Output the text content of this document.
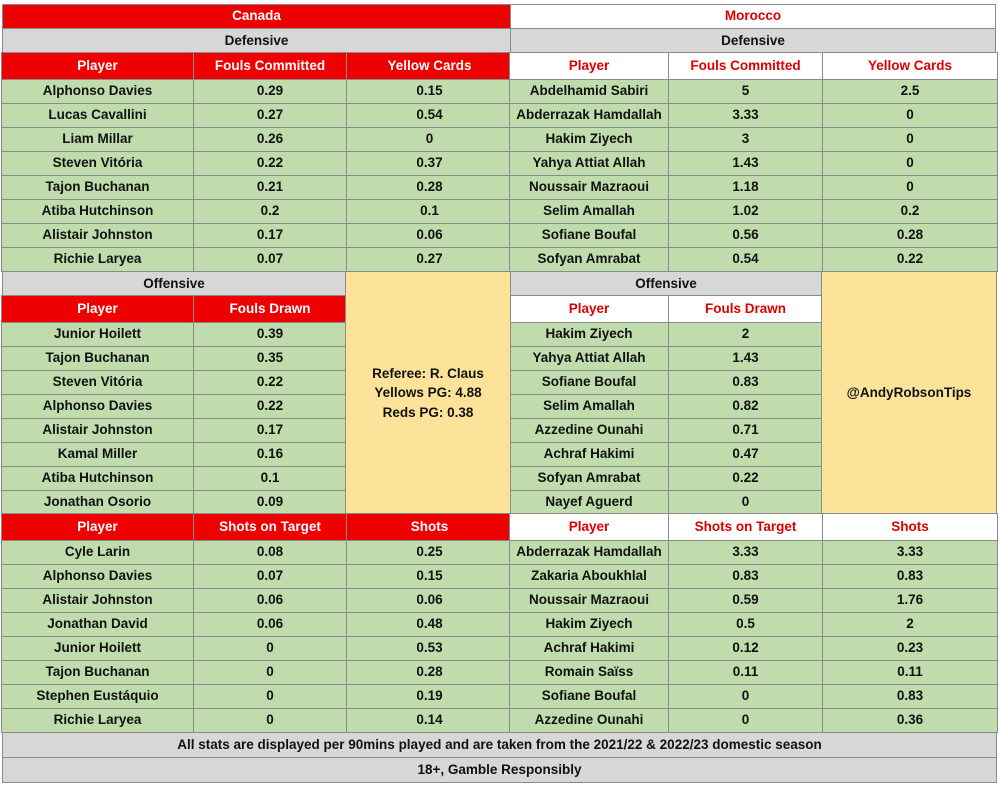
Canada	Morocco
Defensive	Defensive
Player	Fouls Committed	Yellow Cards
Alphonso Davies	0.29	0.15
Lucas Cavallini	0.27	0.54
Liam Millar	0.26	0
Steven Vitória	0.22	0.37
Tajon Buchanan	0.21	0.28
Atiba Hutchinson	0.2	0.1
Alistair Johnston	0.17	0.06
Richie Laryea	0.07	0.27
Player	Fouls Committed	Yellow Cards
Abdelhamid Sabiri	5	2.5
Abderrazak Hamdallah	3.33	0
Hakim Ziyech	3	0
Yahya Attiat Allah	1.43	0
Noussair Mazraoui	1.18	0
Selim Amallah	1.02	0.2
Sofiane Boufal	0.56	0.28
Sofyan Amrabat	0.54	0.22
Offensive	Offensive
Player	Fouls Drawn
Junior Hoilett	0.39
Tajon Buchanan	0.35
Steven Vitória	0.22
Alphonso Davies	0.22
Alistair Johnston	0.17
Kamal Miller	0.16
Atiba Hutchinson	0.1
Jonathan Osorio	0.09
Player	Fouls Drawn
Hakim Ziyech	2
Yahya Attiat Allah	1.43
Sofiane Boufal	0.83
Selim Amallah	0.82
Azzedine Ounahi	0.71
Achraf Hakimi	0.47
Sofyan Amrabat	0.22
Nayef Aguerd	0
Referee: R. Claus
Yellows PG: 4.88
Reds PG: 0.38
@AndyRobsonTips
Player	Shots on Target	Shots
Cyle Larin	0.08	0.25
Alphonso Davies	0.07	0.15
Alistair Johnston	0.06	0.06
Jonathan David	0.06	0.48
Junior Hoilett	0	0.53
Tajon Buchanan	0	0.28
Stephen Eustáquio	0	0.19
Richie Laryea	0	0.14
Player	Shots on Target	Shots
Abderrazak Hamdallah	3.33	3.33
Zakaria Aboukhlal	0.83	0.83
Noussair Mazraoui	0.59	1.76
Hakim Ziyech	0.5	2
Achraf Hakimi	0.12	0.23
Romain Saïss	0.11	0.11
Sofiane Boufal	0	0.83
Azzedine Ounahi	0	0.36
All stats are displayed per 90mins played and are taken from the 2021/22 & 2022/23 domestic season
18+, Gamble Responsibly
